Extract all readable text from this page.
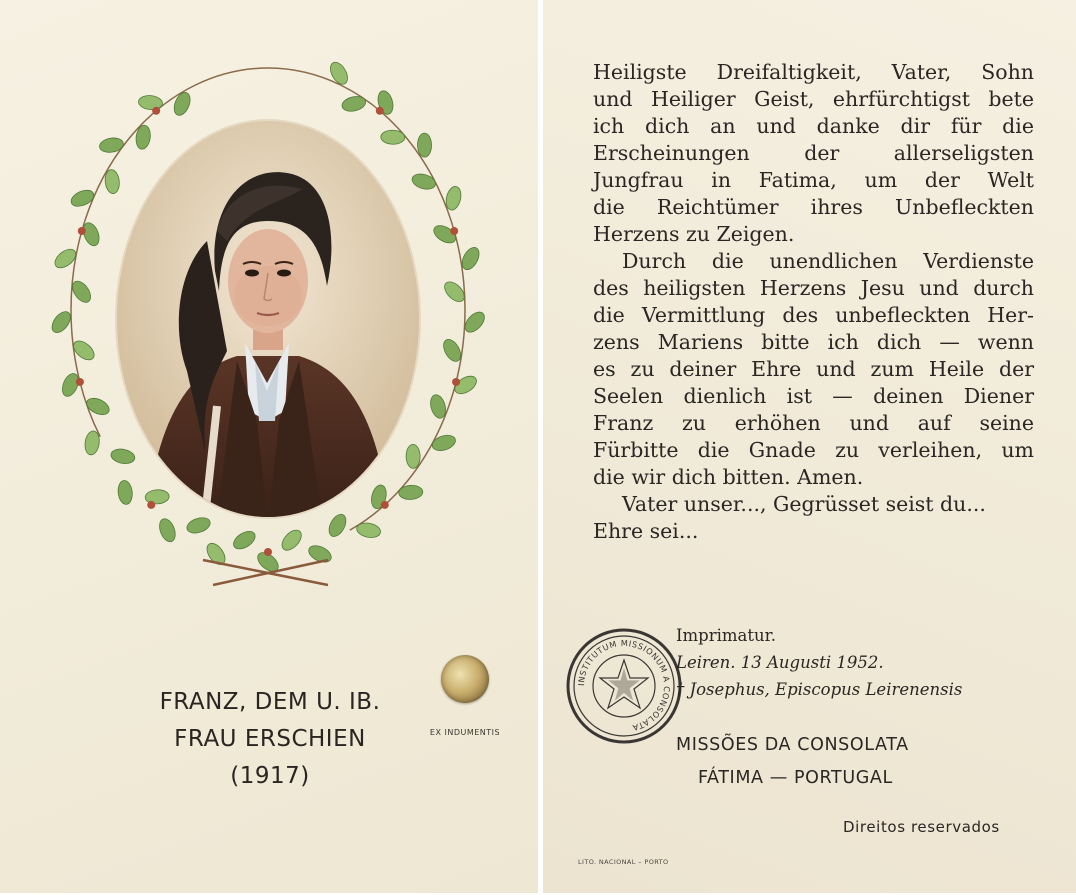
EX INDUMENTIS
FRANZ, DEM U. IB.
FRAU ERSCHIEN
(1917)
Heiligste Dreifaltigkeit, Vater, Sohn
und Heiliger Geist, ehrfürchtigst bete
ich dich an und danke dir für die
Erscheinungen der allerseligsten
Jungfrau in Fatima, um der Welt
die Reichtümer ihres Unbefleckten
Herzens zu Zeigen.
Durch die unendlichen Verdienste
des heiligsten Herzens Jesu und durch
die Vermittlung des unbefleckten Her-
zens Mariens bitte ich dich — wenn
es zu deiner Ehre und zum Heile der
Seelen dienlich ist — deinen Diener
Franz zu erhöhen und auf seine
Fürbitte die Gnade zu verleihen, um
die wir dich bitten. Amen.
Vater unser..., Gegrüsset seist du...
Ehre sei...
INSTITUTUM MISSIONUM A CONSOLATA
Imprimatur.
Leiren. 13 Augusti 1952.
† Josephus, Episcopus Leirenensis
MISSÕES DA CONSOLATA
FÁTIMA — PORTUGAL
Direitos reservados
LITO. NACIONAL – PORTO
